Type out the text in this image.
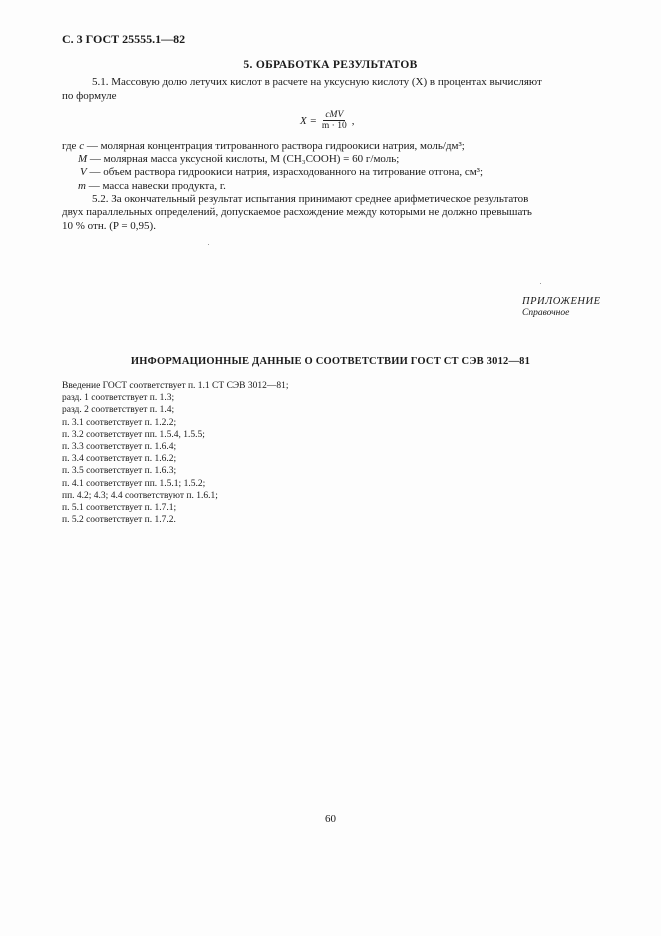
С. 3 ГОСТ 25555.1—82
5. ОБРАБОТКА РЕЗУЛЬТАТОВ
5.1. Массовую долю летучих кислот в расчете на уксусную кислоту (X) в процентах вычисляют
по формуле
$X = \frac{\text{cMV}}{m \cdot 10}$ ,
где c — молярная концентрация титрованного раствора гидроокиси натрия, моль/дм³;
M — молярная масса уксусной кислоты, М (CH₃COOH) = 60 г/моль;
V — объем раствора гидроокиси натрия, израсходованного на титрование отгона, см³;
m — масса навески продукта, г.
5.2. За окончательный результат испытания принимают среднее арифметическое результатов
двух параллельных определений, допускаемое расхождение между которыми не должно превышать
10 % отн. (P = 0,95).
ПРИЛОЖЕНИЕ
Справочное
ИНФОРМАЦИОННЫЕ ДАННЫЕ О СООТВЕТСТВИИ ГОСТ СТ СЭВ 3012—81
Введение ГОСТ соответствует п. 1.1 СТ СЭВ 3012—81;
разд. 1 соответствует п. 1.3;
разд. 2 соответствует п. 1.4;
п. 3.1 соответствует п. 1.2.2;
п. 3.2 соответствует пп. 1.5.4, 1.5.5;
п. 3.3 соответствует п. 1.6.4;
п. 3.4 соответствует п. 1.6.2;
п. 3.5 соответствует п. 1.6.3;
п. 4.1 соответствует пп. 1.5.1; 1.5.2;
пп. 4.2; 4.3; 4.4 соответствуют п. 1.6.1;
п. 5.1 соответствует п. 1.7.1;
п. 5.2 соответствует п. 1.7.2.
60
